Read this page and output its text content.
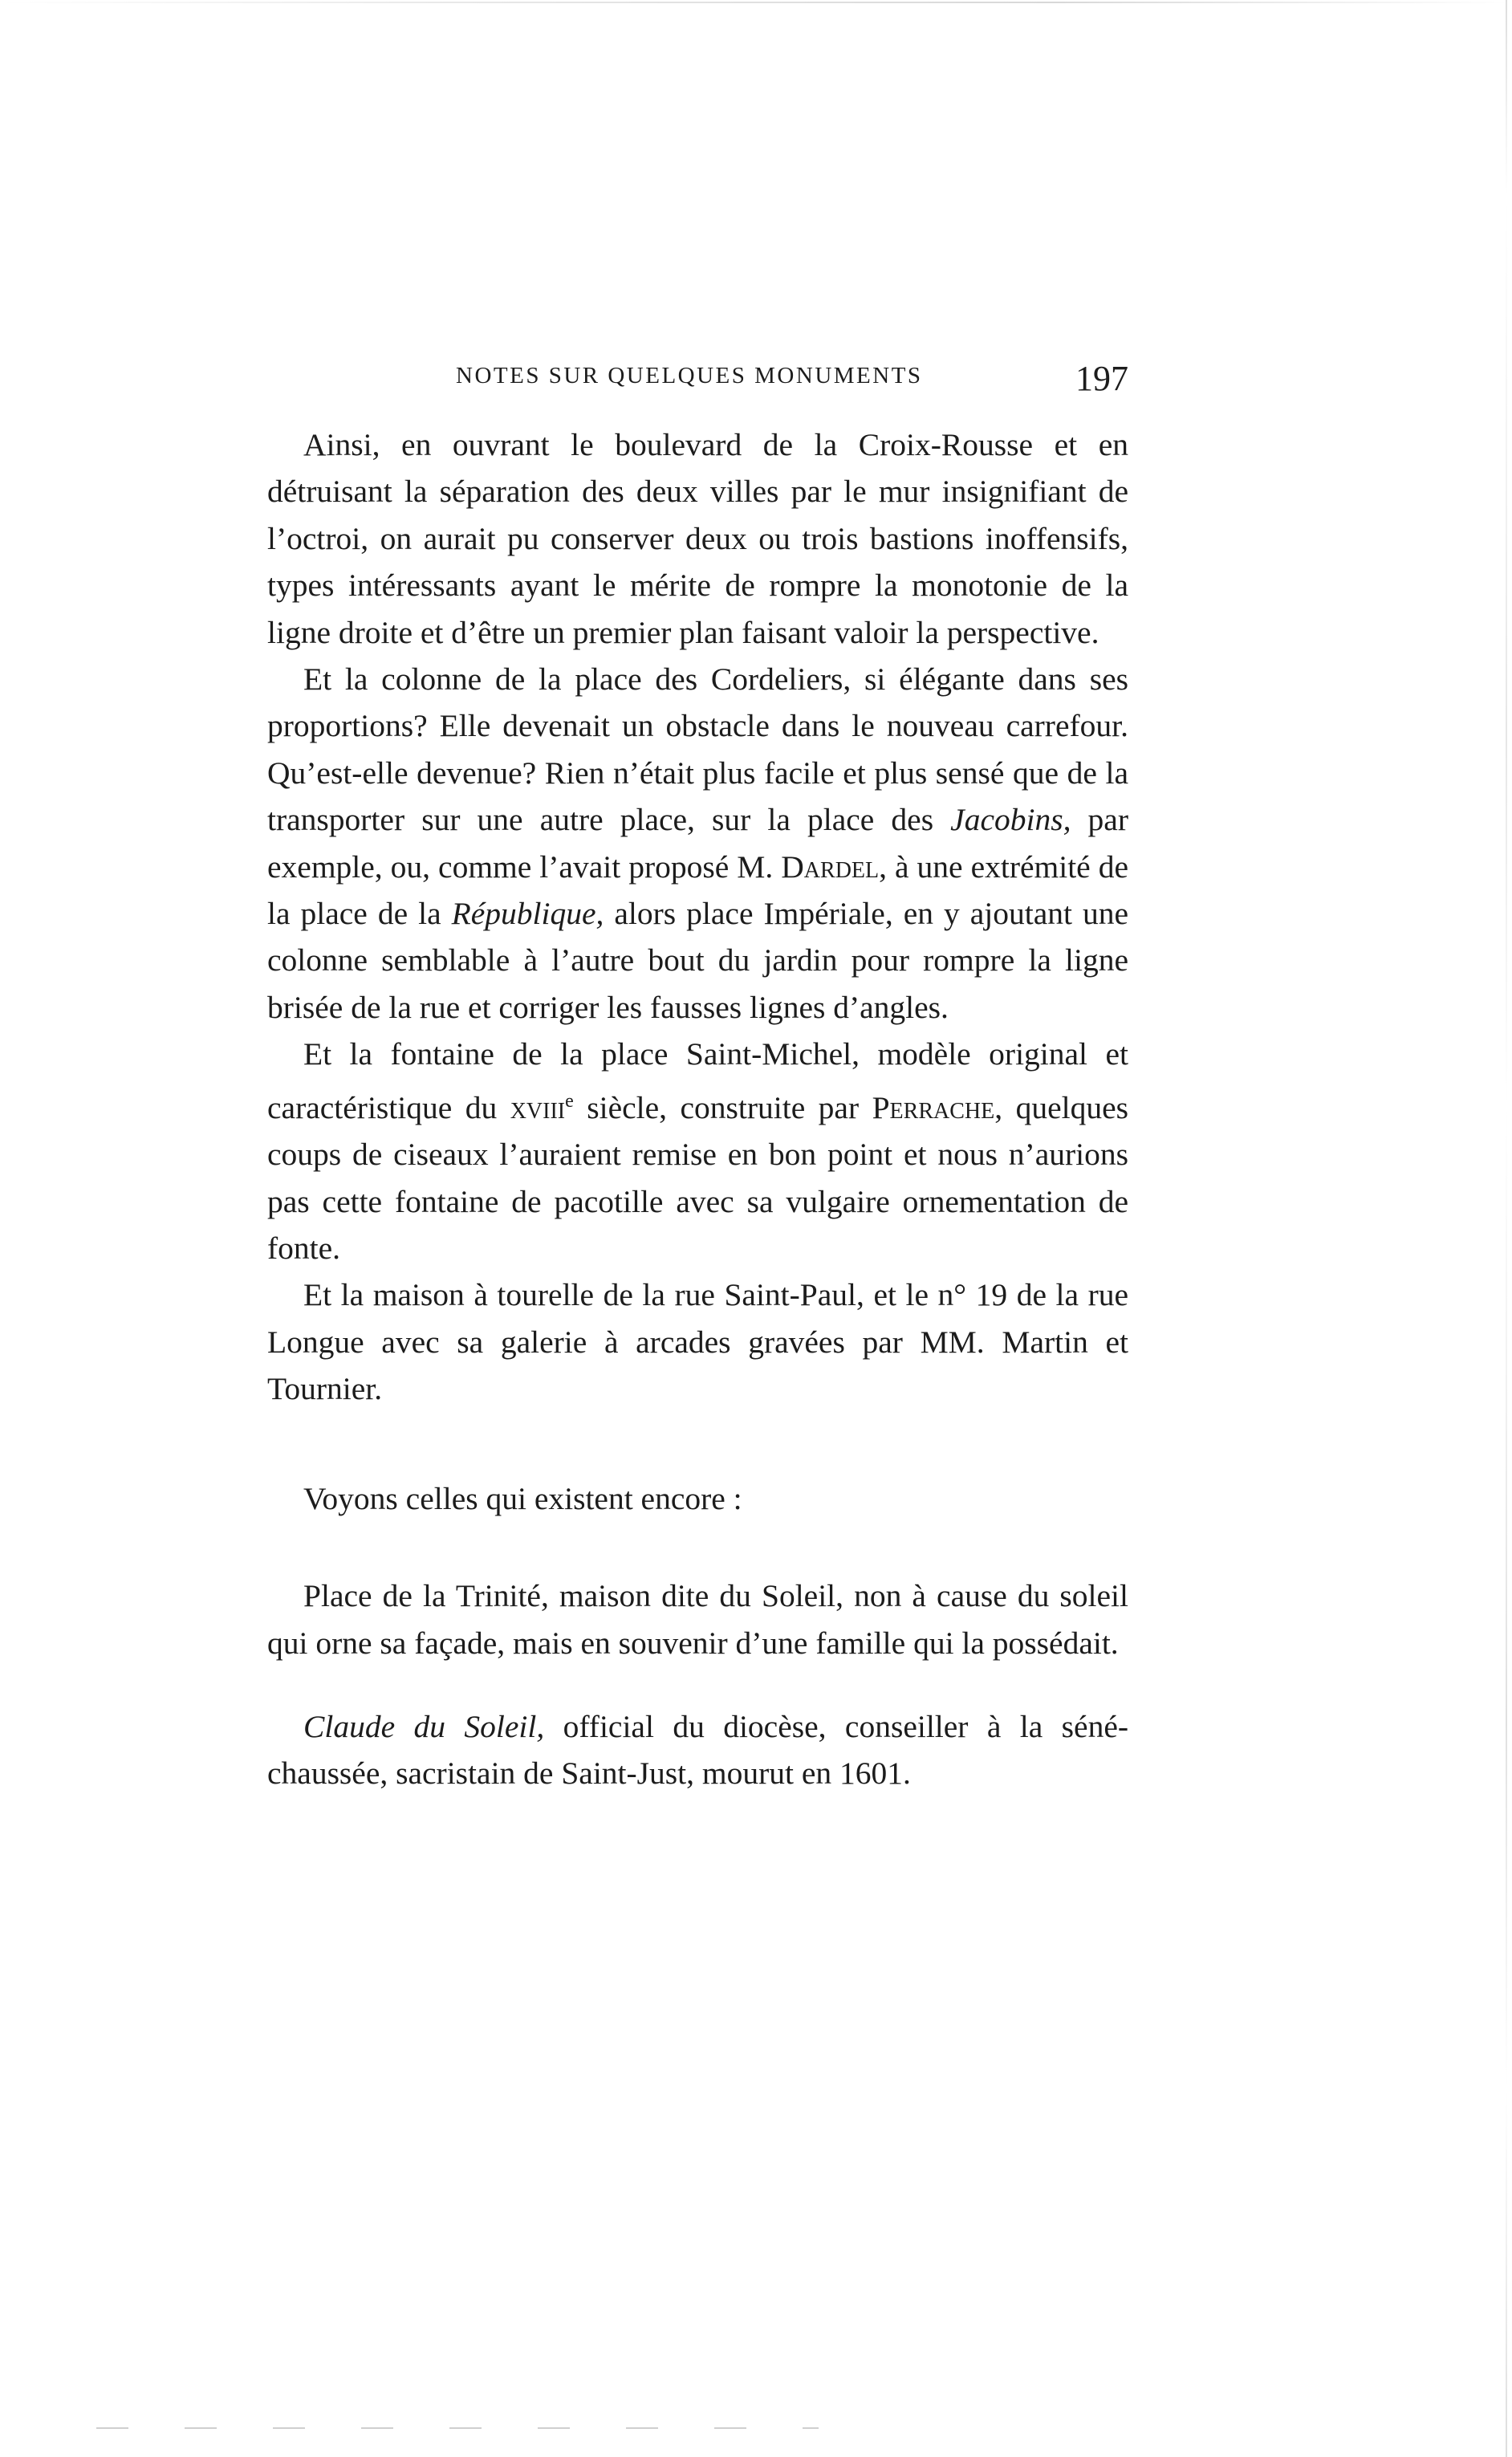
NOTES SUR QUELQUES MONUMENTS	197

Ainsi, en ouvrant le boulevard de la Croix-Rousse et en détruisant la séparation des deux villes par le mur insignifiant de l’octroi, on aurait pu conserver deux ou trois bastions inoffensifs, types intéressants ayant le mérite de rompre la monotonie de la ligne droite et d’être un premier plan faisant valoir la perspective.

Et la colonne de la place des Cordeliers, si élégante dans ses proportions? Elle devenait un obstacle dans le nouveau carrefour. Qu’est-elle devenue? Rien n’était plus facile et plus sensé que de la transporter sur une autre place, sur la place des Jacobins, par exemple, ou, comme l’avait proposé M. Dardel, à une extrémité de la place de la République, alors place Impériale, en y ajoutant une colonne semblable à l’autre bout du jardin pour rompre la ligne brisée de la rue et corriger les fausses lignes d’angles.

Et la fontaine de la place Saint-Michel, modèle original et caractéristique du xviii$^e$ siècle, construite par Perrache, quelques coups de ciseaux l’auraient remise en bon point et nous n’aurions pas cette fontaine de pacotille avec sa vulgaire ornementation de fonte.

Et la maison à tourelle de la rue Saint-Paul, et le n° 19 de la rue Longue avec sa galerie à arcades gravées par MM. Martin et Tournier.

Voyons celles qui existent encore :

Place de la Trinité, maison dite du Soleil, non à cause du soleil qui orne sa façade, mais en souvenir d’une famille qui la possédait.

Claude du Soleil, official du diocèse, conseiller à la sénéchaussée, sacristain de Saint-Just, mourut en 1601.
